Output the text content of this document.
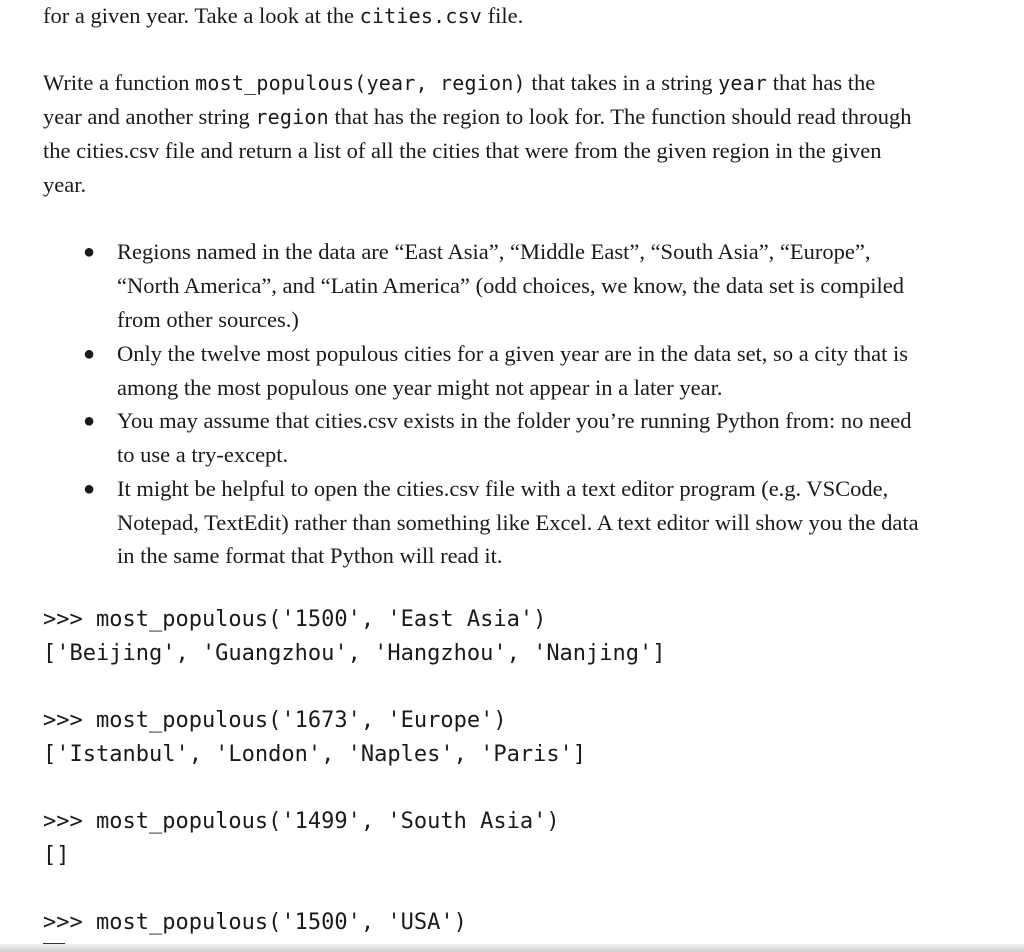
for a given year. Take a look at the cities.csv file.
Write a function most_populous(year, region) that takes in a string year that has the
year and another string region that has the region to look for. The function should read through
the cities.csv file and return a list of all the cities that were from the given region in the given
year.
● Regions named in the data are “East Asia”, “Middle East”, “South Asia”, “Europe”,
“North America”, and “Latin America” (odd choices, we know, the data set is compiled
from other sources.)
● Only the twelve most populous cities for a given year are in the data set, so a city that is
among the most populous one year might not appear in a later year.
● You may assume that cities.csv exists in the folder you’re running Python from: no need
to use a try-except.
● It might be helpful to open the cities.csv file with a text editor program (e.g. VSCode,
Notepad, TextEdit) rather than something like Excel. A text editor will show you the data
in the same format that Python will read it.
>>> most_populous('1500', 'East Asia')
['Beijing', 'Guangzhou', 'Hangzhou', 'Nanjing']
>>> most_populous('1673', 'Europe')
['Istanbul', 'London', 'Naples', 'Paris']
>>> most_populous('1499', 'South Asia')
[]
>>> most_populous('1500', 'USA')
